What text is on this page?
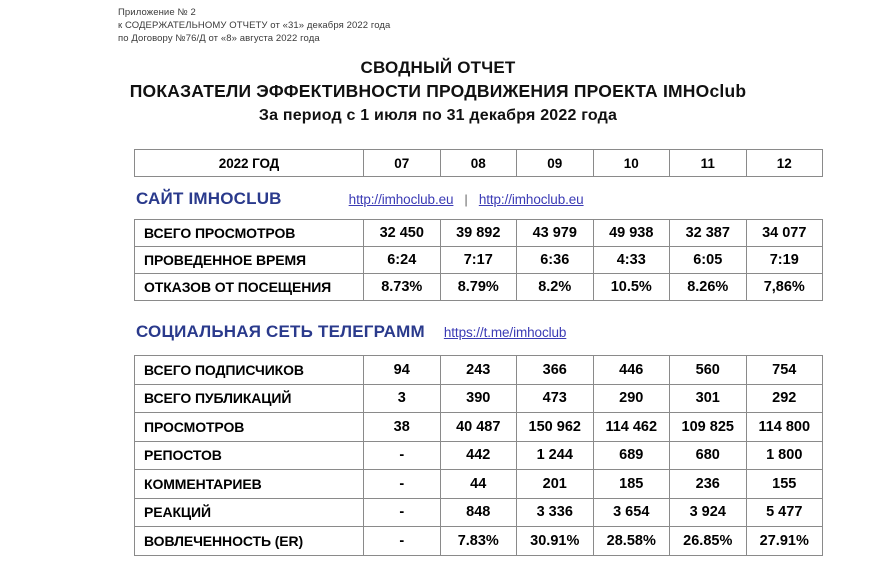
Приложение № 2
к СОДЕРЖАТЕЛЬНОМУ ОТЧЕТУ от «31» декабря 2022 года
по Договору №76/Д от «8» августа 2022 года
СВОДНЫЙ ОТЧЕТ
ПОКАЗАТЕЛИ ЭФФЕКТИВНОСТИ ПРОДВИЖЕНИЯ ПРОЕКТА IMHOclub
За период с 1 июля по 31 декабря 2022 года
2022 ГОД	07	08	09	10	11	12
САЙТ IMHOCLUB	http://imhoclub.eu | http://imhoclub.eu
ВСЕГО ПРОСМОТРОВ	32 450	39 892	43 979	49 938	32 387	34 077
ПРОВЕДЕННОЕ ВРЕМЯ	6:24	7:17	6:36	4:33	6:05	7:19
ОТКАЗОВ ОТ ПОСЕЩЕНИЯ	8.73%	8.79%	8.2%	10.5%	8.26%	7,86%
СОЦИАЛЬНАЯ СЕТЬ ТЕЛЕГРАММ https://t.me/imhoclub
ВСЕГО ПОДПИСЧИКОВ	94	243	366	446	560	754
ВСЕГО ПУБЛИКАЦИЙ	3	390	473	290	301	292
ПРОСМОТРОВ	38	40 487	150 962	114 462	109 825	114 800
РЕПОСТОВ	-	442	1 244	689	680	1 800
КОММЕНТАРИЕВ	-	44	201	185	236	155
РЕАКЦИЙ	-	848	3 336	3 654	3 924	5 477
ВОВЛЕЧЕННОСТЬ (ER)	-	7.83%	30.91%	28.58%	26.85%	27.91%
